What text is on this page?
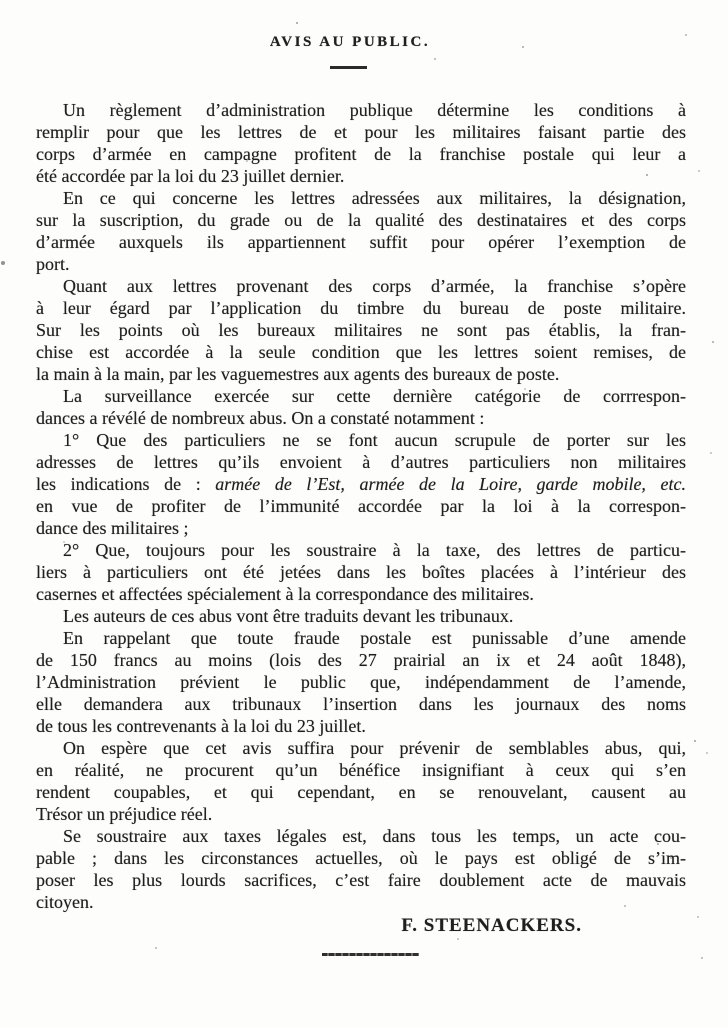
AVIS AU PUBLIC.
Un règlement d’administration publique détermine les conditions à
remplir pour que les lettres de et pour les militaires faisant partie des
corps d’armée en campagne profitent de la franchise postale qui leur a
été accordée par la loi du 23 juillet dernier.
En ce qui concerne les lettres adressées aux militaires, la désignation,
sur la suscription, du grade ou de la qualité des destinataires et des corps
d’armée auxquels ils appartiennent suffit pour opérer l’exemption de
port.
Quant aux lettres provenant des corps d’armée, la franchise s’opère
à leur égard par l’application du timbre du bureau de poste militaire.
Sur les points où les bureaux militaires ne sont pas établis, la fran-
chise est accordée à la seule condition que les lettres soient remises, de
la main à la main, par les vaguemestres aux agents des bureaux de poste.
La surveillance exercée sur cette dernière catégorie de corrrespon-
dances a révélé de nombreux abus. On a constaté notamment :
1° Que des particuliers ne se font aucun scrupule de porter sur les
adresses de lettres qu’ils envoient à d’autres particuliers non militaires
les indications de : armée de l’Est, armée de la Loire, garde mobile, etc.
en vue de profiter de l’immunité accordée par la loi à la correspon-
dance des militaires ;
2° Que, toujours pour les soustraire à la taxe, des lettres de particu-
liers à particuliers ont été jetées dans les boîtes placées à l’intérieur des
casernes et affectées spécialement à la correspondance des militaires.
Les auteurs de ces abus vont être traduits devant les tribunaux.
En rappelant que toute fraude postale est punissable d’une amende
de 150 francs au moins (lois des 27 prairial an ix et 24 août 1848),
l’Administration prévient le public que, indépendamment de l’amende,
elle demandera aux tribunaux l’insertion dans les journaux des noms
de tous les contrevenants à la loi du 23 juillet.
On espère que cet avis suffira pour prévenir de semblables abus, qui,
en réalité, ne procurent qu’un bénéfice insignifiant à ceux qui s’en
rendent coupables, et qui cependant, en se renouvelant, causent au
Trésor un préjudice réel.
Se soustraire aux taxes légales est, dans tous les temps, un acte cou-
pable ; dans les circonstances actuelles, où le pays est obligé de s’im-
poser les plus lourds sacrifices, c’est faire doublement acte de mauvais
citoyen.
F. STEENACKERS.
